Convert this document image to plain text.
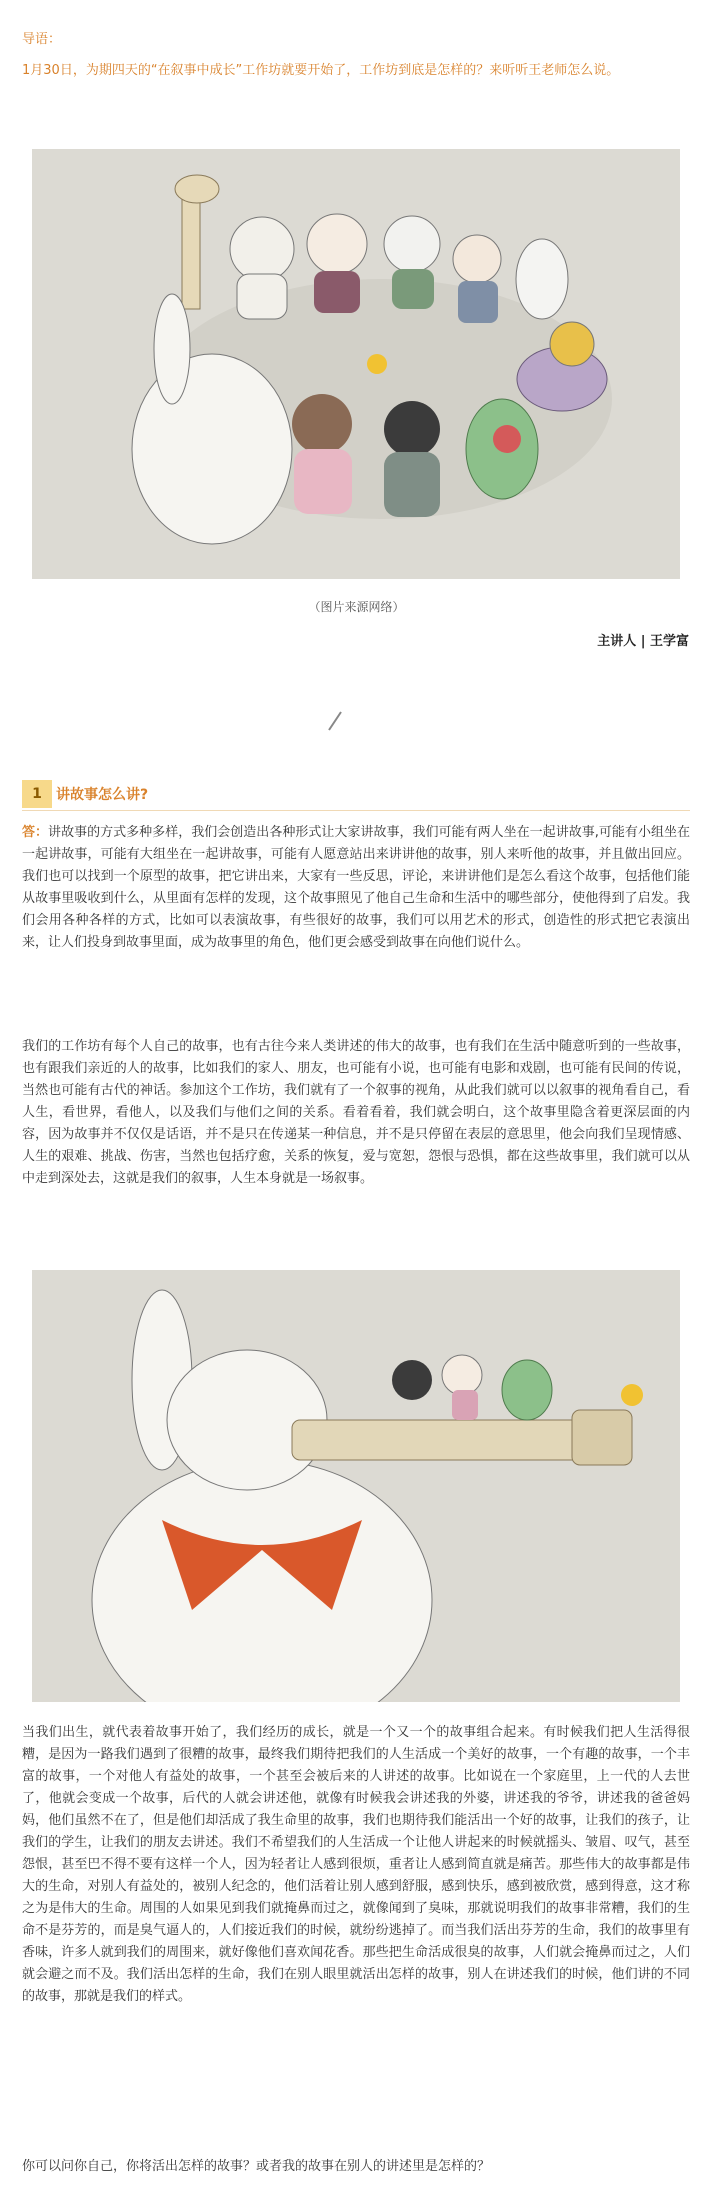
导语：
1月30日，为期四天的“在叙事中成长”工作坊就要开始了，工作坊到底是怎样的？来听听王老师怎么说。
（图片来源网络）
主讲人 | 王学富
1	讲故事怎么讲?
答：讲故事的方式多种多样，我们会创造出各种形式让大家讲故事，我们可能有两人坐在一起讲故事,可能有小组坐在一起讲故事，可能有大组坐在一起讲故事，可能有人愿意站出来讲讲他的故事，别人来听他的故事，并且做出回应。我们也可以找到一个原型的故事，把它讲出来，大家有一些反思，评论，来讲讲他们是怎么看这个故事，包括他们能从故事里吸收到什么，从里面有怎样的发现，这个故事照见了他自己生命和生活中的哪些部分，使他得到了启发。我们会用各种各样的方式，比如可以表演故事，有些很好的故事，我们可以用艺术的形式，创造性的形式把它表演出来，让人们投身到故事里面，成为故事里的角色，他们更会感受到故事在向他们说什么。
我们的工作坊有每个人自己的故事，也有古往今来人类讲述的伟大的故事，也有我们在生活中随意听到的一些故事，也有跟我们亲近的人的故事，比如我们的家人、朋友，也可能有小说，也可能有电影和戏剧，也可能有民间的传说，当然也可能有古代的神话。参加这个工作坊，我们就有了一个叙事的视角，从此我们就可以以叙事的视角看自己，看人生，看世界，看他人，以及我们与他们之间的关系。看着看着，我们就会明白，这个故事里隐含着更深层面的内容，因为故事并不仅仅是话语，并不是只在传递某一种信息，并不是只停留在表层的意思里，他会向我们呈现情感、人生的艰难、挑战、伤害，当然也包括疗愈，关系的恢复，爱与宽恕，怨恨与恐惧，都在这些故事里，我们就可以从中走到深处去，这就是我们的叙事，人生本身就是一场叙事。
当我们出生，就代表着故事开始了，我们经历的成长，就是一个又一个的故事组合起来。有时候我们把人生活得很糟，是因为一路我们遇到了很糟的故事，最终我们期待把我们的人生活成一个美好的故事，一个有趣的故事，一个丰富的故事，一个对他人有益处的故事，一个甚至会被后来的人讲述的故事。比如说在一个家庭里，上一代的人去世了，他就会变成一个故事，后代的人就会讲述他，就像有时候我会讲述我的外婆，讲述我的爷爷，讲述我的爸爸妈妈，他们虽然不在了，但是他们却活成了我生命里的故事，我们也期待我们能活出一个好的故事，让我们的孩子，让我们的学生，让我们的朋友去讲述。我们不希望我们的人生活成一个让他人讲起来的时候就摇头、皱眉、叹气，甚至怨恨，甚至巴不得不要有这样一个人，因为轻者让人感到很烦，重者让人感到简直就是痛苦。那些伟大的故事都是伟大的生命，对别人有益处的，被别人纪念的，他们活着让别人感到舒服，感到快乐，感到被欣赏，感到得意，这才称之为是伟大的生命。周围的人如果见到我们就掩鼻而过之，就像闻到了臭味，那就说明我们的故事非常糟，我们的生命不是芬芳的，而是臭气逼人的，人们接近我们的时候，就纷纷逃掉了。而当我们活出芬芳的生命，我们的故事里有香味，许多人就到我们的周围来，就好像他们喜欢闻花香。那些把生命活成很臭的故事，人们就会掩鼻而过之，人们就会避之而不及。我们活出怎样的生命，我们在别人眼里就活出怎样的故事，别人在讲述我们的时候，他们讲的不同的故事，那就是我们的样式。
你可以问你自己，你将活出怎样的故事？或者我的故事在别人的讲述里是怎样的？
